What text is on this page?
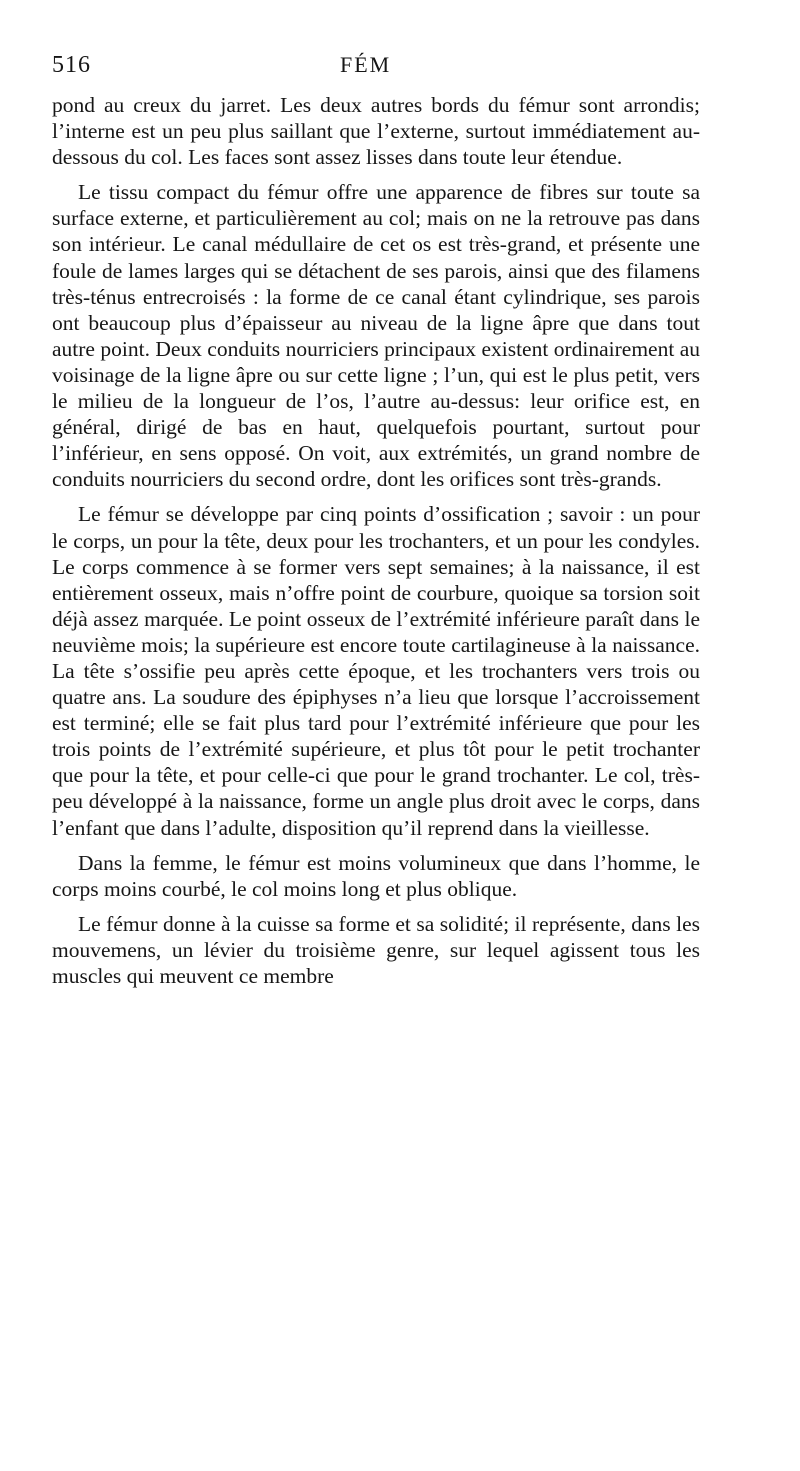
516	FÉM

pond au creux du jarret. Les deux autres bords du fémur sont arrondis; l’interne est un peu plus saillant que l’externe, surtout immédiatement au-dessous du col. Les faces sont assez lisses dans toute leur étendue.

Le tissu compact du fémur offre une apparence de fibres sur toute sa surface externe, et particulièrement au col; mais on ne la retrouve pas dans son intérieur. Le canal médullaire de cet os est très-grand, et présente une foule de lames larges qui se détachent de ses parois, ainsi que des filamens très-ténus entrecroisés : la forme de ce canal étant cylindrique, ses parois ont beaucoup plus d’épaisseur au niveau de la ligne âpre que dans tout autre point. Deux conduits nourriciers principaux existent ordinairement au voisinage de la ligne âpre ou sur cette ligne ; l’un, qui est le plus petit, vers le milieu de la longueur de l’os, l’autre au-dessus: leur orifice est, en général, dirigé de bas en haut, quelquefois pourtant, surtout pour l’inférieur, en sens opposé. On voit, aux extrémités, un grand nombre de conduits nourriciers du second ordre, dont les orifices sont très-grands.

Le fémur se développe par cinq points d’ossification ; savoir : un pour le corps, un pour la tête, deux pour les trochanters, et un pour les condyles. Le corps commence à se former vers sept semaines; à la naissance, il est entièrement osseux, mais n’offre point de courbure, quoique sa torsion soit déjà assez marquée. Le point osseux de l’extrémité inférieure paraît dans le neuvième mois; la supérieure est encore toute cartilagineuse à la naissance. La tête s’ossifie peu après cette époque, et les trochanters vers trois ou quatre ans. La soudure des épiphyses n’a lieu que lorsque l’accroissement est terminé; elle se fait plus tard pour l’extrémité inférieure que pour les trois points de l’extrémité supérieure, et plus tôt pour le petit trochanter que pour la tête, et pour celle-ci que pour le grand trochanter. Le col, très-peu développé à la naissance, forme un angle plus droit avec le corps, dans l’enfant que dans l’adulte, disposition qu’il reprend dans la vieillesse.

Dans la femme, le fémur est moins volumineux que dans l’homme, le corps moins courbé, le col moins long et plus oblique.

Le fémur donne à la cuisse sa forme et sa solidité; il représente, dans les mouvemens, un lévier du troisième genre, sur lequel agissent tous les muscles qui meuvent ce membre
